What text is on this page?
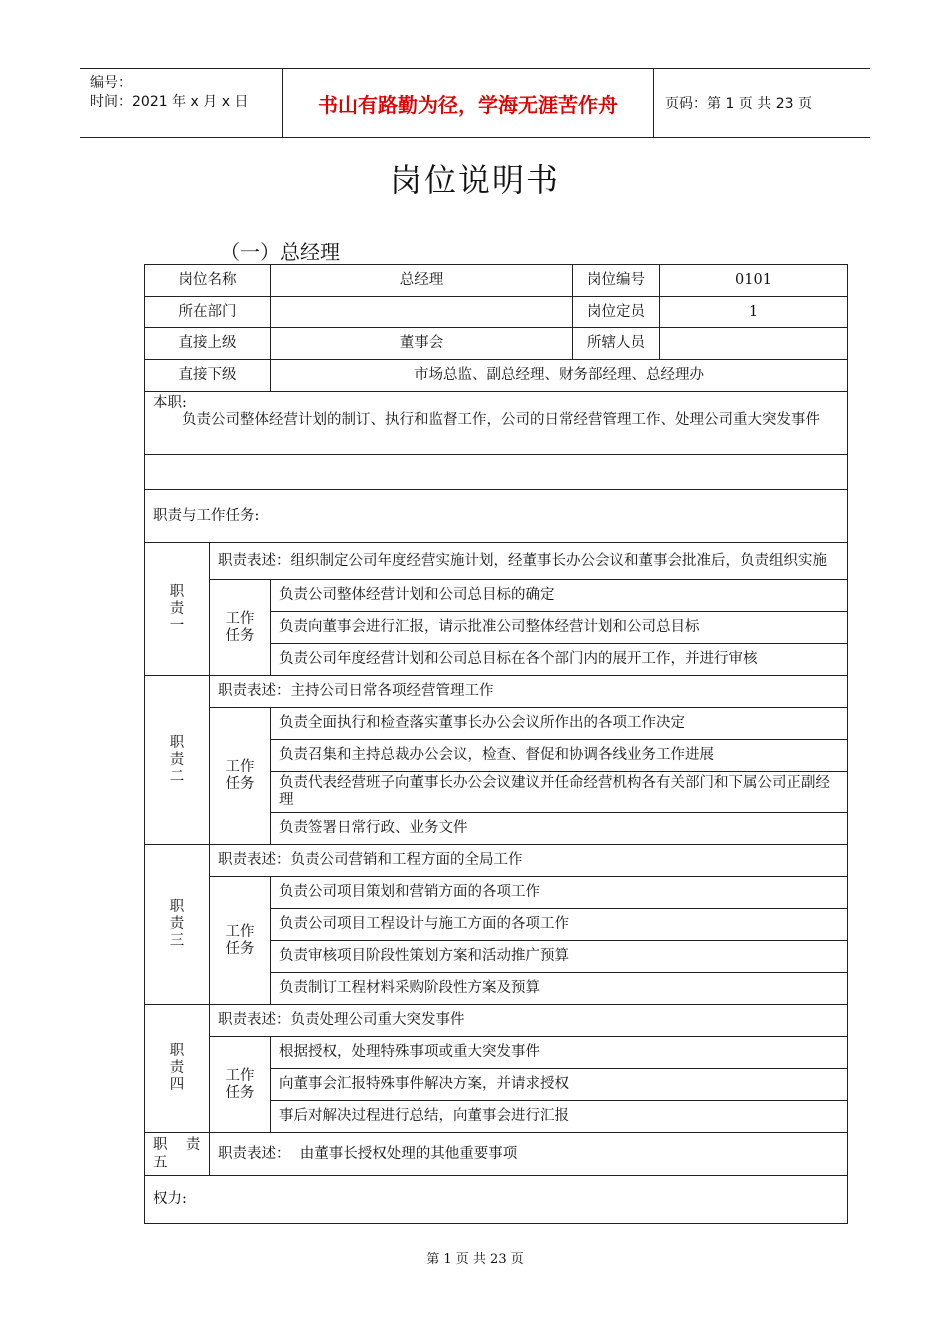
编号：
时间：2021 年 x 月 x 日	书山有路勤为径，学海无涯苦作舟	页码：第 1 页 共 23 页
岗位说明书
（一）总经理
岗位名称		总经理	岗位编号	0101
所在部门			岗位定员	1
直接上级		董事会	所辖人员	
直接下级		市场总监、副总经理、财务部经理、总经理办		

本职:
负责公司整体经营计划的制订、执行和监督工作，公司的日常经营管理工作、处理公司重大突发事件				

职责与工作任务:				
职责一	职责表述：组织制定公司年度经营实施计划，经董事长办公会议和董事会批准后，负责组织实施			
	工作任务	负责公司整体经营计划和公司总目标的确定		
		负责向董事会进行汇报，请示批准公司整体经营计划和公司总目标		
		负责公司年度经营计划和公司总目标在各个部门内的展开工作，并进行审核		
职责二	职责表述：主持公司日常各项经营管理工作			
	工作任务	负责全面执行和检查落实董事长办公会议所作出的各项工作决定		
		负责召集和主持总裁办公会议，检查、督促和协调各线业务工作进展		
		负责代表经营班子向董事长办公会议建议并任命经营机构各有关部门和下属公司正副经理		
		负责签署日常行政、业务文件		
职责三	职责表述：负责公司营销和工程方面的全局工作			
	工作任务	负责公司项目策划和营销方面的各项工作		
		负责公司项目工程设计与施工方面的各项工作		
		负责审核项目阶段性策划方案和活动推广预算		
		负责制订工程材料采购阶段性方案及预算		
职责四	职责表述：负责处理公司重大突发事件			
	工作任务	根据授权，处理特殊事项或重大突发事件		
		向董事会汇报特殊事件解决方案，并请求授权		
		事后对解决过程进行总结，向董事会进行汇报		

职    责
五	职责表述：  由董事长授权处理的其他重要事项			
权力:				
第 1 页 共 23 页
